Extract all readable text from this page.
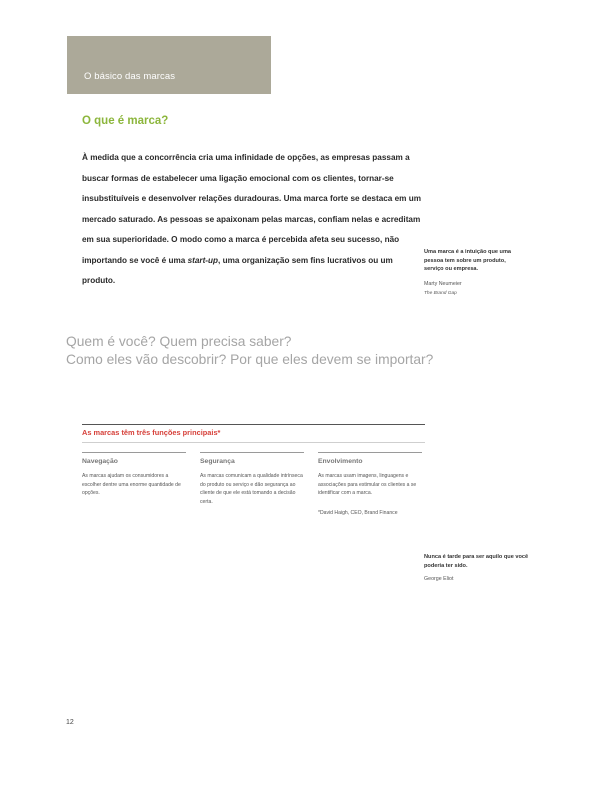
O básico das marcas
O que é marca?

À medida que a concorrência cria uma infinidade de opções, as empresas passam a buscar formas de estabelecer uma ligação emocional com os clientes, tornar-se insubstituíveis e desenvolver relações duradouras. Uma marca forte se destaca em um mercado saturado. As pessoas se apaixonam pelas marcas, confiam nelas e acreditam em sua superioridade. O modo como a marca é percebida afeta seu sucesso, não importando se você é uma start-up, uma organização sem fins lucrativos ou um produto.

Uma marca é a intuição que uma pessoa tem sobre um produto, serviço ou empresa.

Marty Neumeier

The Brand Gap

Quem é você? Quem precisa saber?
Como eles vão descobrir? Por que eles devem se importar?
As marcas têm três funções principais*

Navegação

As marcas ajudam os consumidores a escolher dentre uma enorme quantidade de opções.

Segurança

As marcas comunicam a qualidade intrínseca do produto ou serviço e dão segurança ao cliente de que ele está tomando a decisão certa.

Envolvimento

As marcas usam imagens, linguagens e associações para estimular os clientes a se identificar com a marca.

*David Haigh, CEO, Brand Finance

Nunca é tarde para ser aquilo que você poderia ter sido.

George Eliot

12
